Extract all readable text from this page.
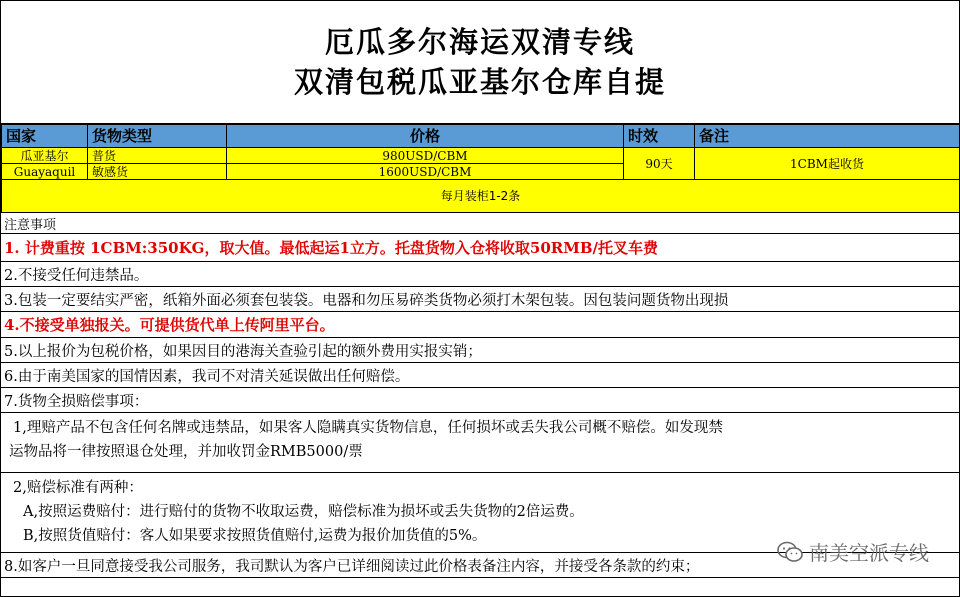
厄瓜多尔海运双清专线
双清包税瓜亚基尔仓库自提
国家	货物类型	价格	时效	备注
瓜亚基尔	普货	980USD/CBM	90天	1CBM起收货
Guayaquil	敏感货	1600USD/CBM		
每月装柜1-2条				
注意事项
1. 计费重按 1CBM:350KG，取大值。最低起运1立方。托盘货物入仓将收取50RMB/托叉车费
2.不接受任何违禁品。
3.包装一定要结实严密，纸箱外面必须套包装袋。电器和勿压易碎类货物必须打木架包装。因包装问题货物出现损
4.不接受单独报关。可提供货代单上传阿里平台。
5.以上报价为包税价格，如果因目的港海关查验引起的额外费用实报实销；
6.由于南美国家的国情因素，我司不对清关延误做出任何赔偿。
7.货物全损赔偿事项：
1,理赔产品不包含任何名牌或违禁品，如果客人隐瞒真实货物信息，任何损坏或丢失我公司概不赔偿。如发现禁
运物品将一律按照退仓处理，并加收罚金RMB5000/票
2,赔偿标准有两种：
A,按照运费赔付：进行赔付的货物不收取运费，赔偿标准为损坏或丢失货物的2倍运费。
B,按照货值赔付：客人如果要求按照货值赔付,运费为报价加货值的5%。
8.如客户一旦同意接受我公司服务，我司默认为客户已详细阅读过此价格表备注内容，并接受各条款的约束；
南美空派专线
